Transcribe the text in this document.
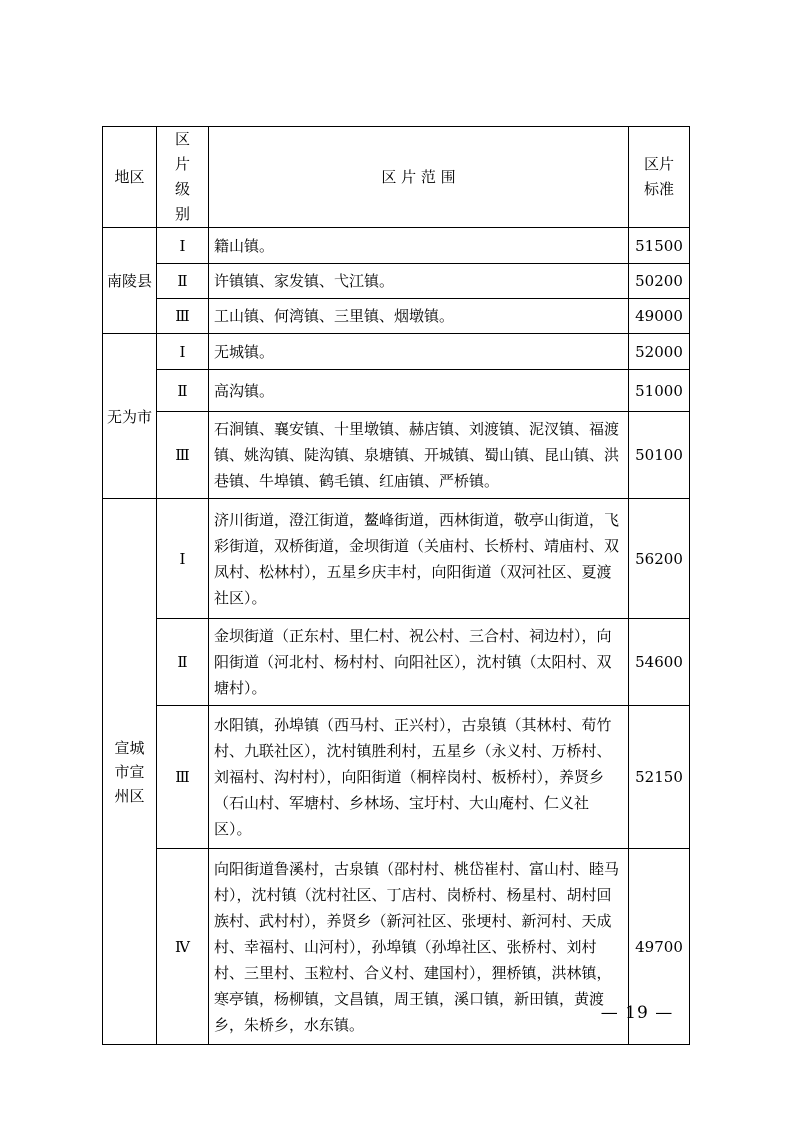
地区	区片级别	区 片 范 围	区片标准
南陵县	Ⅰ	籍山镇。	51500
	Ⅱ	许镇镇、家发镇、弋江镇。	50200
	Ⅲ	工山镇、何湾镇、三里镇、烟墩镇。	49000
无为市	Ⅰ	无城镇。	52000
	Ⅱ	高沟镇。	51000
	Ⅲ	石涧镇、襄安镇、十里墩镇、赫店镇、刘渡镇、泥汊镇、福渡镇、姚沟镇、陡沟镇、泉塘镇、开城镇、蜀山镇、昆山镇、洪巷镇、牛埠镇、鹤毛镇、红庙镇、严桥镇。	50100
宣城市宣州区	Ⅰ	济川街道，澄江街道，鳌峰街道，西林街道，敬亭山街道，飞彩街道，双桥街道，金坝街道（关庙村、长桥村、靖庙村、双凤村、松林村），五星乡庆丰村，向阳街道（双河社区、夏渡社区）。	56200
	Ⅱ	金坝街道（正东村、里仁村、祝公村、三合村、祠边村），向阳街道（河北村、杨村村、向阳社区），沈村镇（太阳村、双塘村）。	54600
	Ⅲ	水阳镇，孙埠镇（西马村、正兴村），古泉镇（其林村、荀竹村、九联社区），沈村镇胜利村，五星乡（永义村、万桥村、刘福村、沟村村），向阳街道（桐梓岗村、板桥村），养贤乡（石山村、军塘村、乡林场、宝圩村、大山庵村、仁义社区）。	52150
	Ⅳ	向阳街道鲁溪村，古泉镇（邵村村、桃岱崔村、富山村、睦马村），沈村镇（沈村社区、丁店村、岗桥村、杨星村、胡村回族村、武村村），养贤乡（新河社区、张埂村、新河村、天成村、幸福村、山河村），孙埠镇（孙埠社区、张桥村、刘村村、三里村、玉粒村、合义村、建国村），狸桥镇，洪林镇，寒亭镇，杨柳镇，文昌镇，周王镇，溪口镇，新田镇，黄渡乡，朱桥乡，水东镇。	49700
— 19 —
